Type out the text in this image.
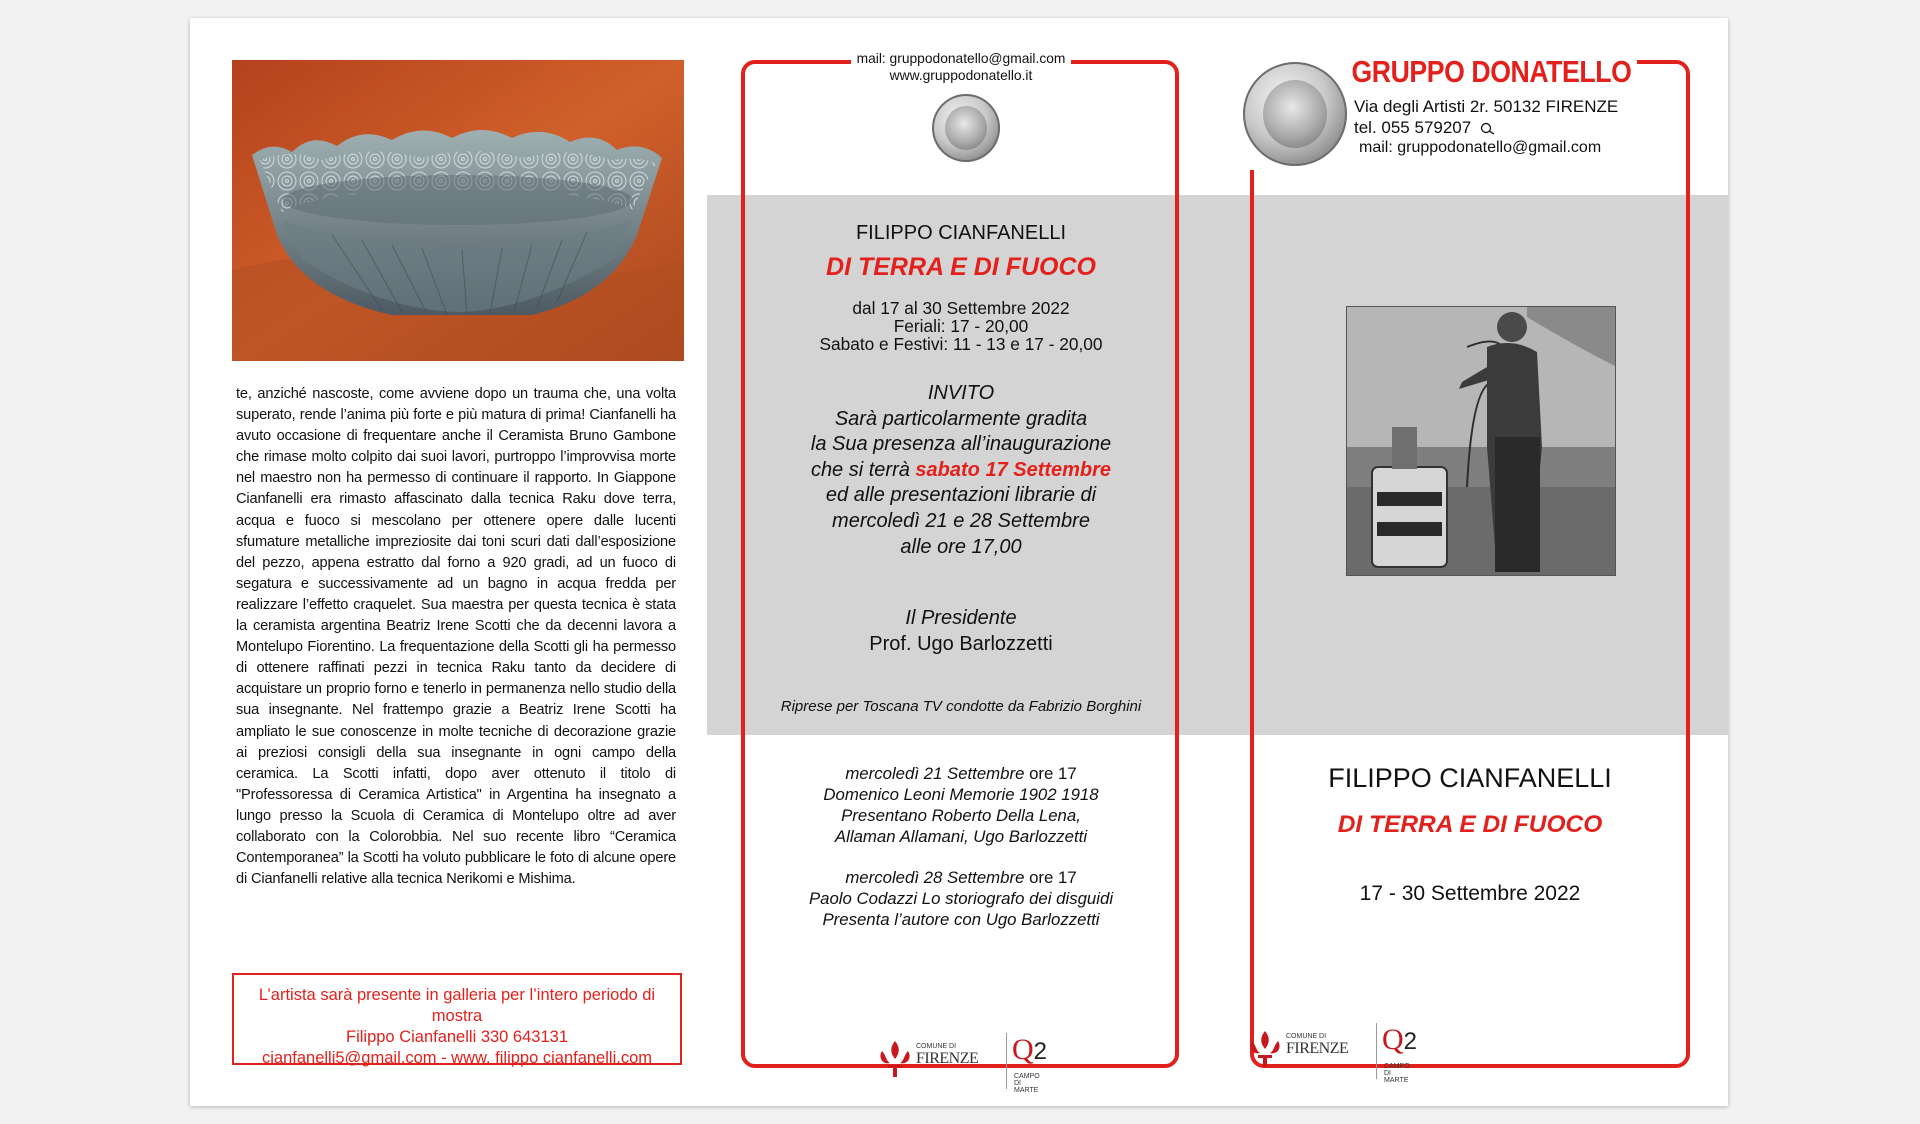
te, anziché nascoste, come avviene dopo un trauma che, una volta superato, rende l’anima più forte e più matura di prima! Cianfanelli ha avuto occasione di frequentare anche il Ceramista Bruno Gambone che rimase molto colpito dai suoi lavori, purtroppo l’improvvisa morte nel maestro non ha permesso di continuare il rapporto. In Giappone Cianfanelli era rimasto affascinato dalla tecnica Raku dove terra, acqua e fuoco si mescolano per ottenere opere dalle lucenti sfumature metalliche impreziosite dai toni scuri dati dall’esposizione del pezzo, appena estratto dal forno a 920 gradi, ad un fuoco di segatura e successivamente ad un bagno in acqua fredda per realizzare l’effetto craquelet. Sua maestra per questa tecnica è stata la ceramista argentina Beatriz Irene Scotti che da decenni lavora a Montelupo Fiorentino. La frequentazione della Scotti gli ha permesso di ottenere raffinati pezzi in tecnica Raku tanto da decidere di acquistare un proprio forno e tenerlo in permanenza nello studio della sua insegnante. Nel frattempo grazie a Beatriz Irene Scotti ha ampliato le sue conoscenze in molte tecniche di decorazione grazie ai preziosi consigli della sua insegnante in ogni campo della ceramica. La Scotti infatti, dopo aver ottenuto il titolo di "Professoressa di Ceramica Artistica" in Argentina ha insegnato a lungo presso la Scuola di Ceramica di Montelupo oltre ad aver collaborato con la Colorobbia. Nel suo recente libro “Ceramica Contemporanea” la Scotti ha voluto pubblicare le foto di alcune opere di Cianfanelli relative alla tecnica Nerikomi e Mishima.
L’artista sarà presente in galleria per l’intero periodo di mostra
Filippo Cianfanelli 330 643131
cianfanelli5@gmail.com - www. filippo cianfanelli.com
mail: gruppodonatello@gmail.com
www.gruppodonatello.it
FILIPPO CIANFANELLI
DI TERRA E DI FUOCO
dal 17 al 30 Settembre 2022
Feriali: 17 - 20,00
Sabato e Festivi: 11 - 13 e 17 - 20,00
INVITO
Sarà particolarmente gradita
la Sua presenza all’inaugurazione
che si terrà sabato 17 Settembre
ed alle presentazioni librarie di
mercoledì 21 e 28 Settembre
alle ore 17,00
Il Presidente
Prof. Ugo Barlozzetti
Riprese per Toscana TV condotte da Fabrizio Borghini
mercoledì 21 Settembre ore 17
Domenico Leoni Memorie 1902 1918
Presentano Roberto Della Lena,
Allaman Allamani, Ugo Barlozzetti
mercoledì 28 Settembre ore 17
Paolo Codazzi Lo storiografo dei disguidi
Presenta l’autore con Ugo Barlozzetti
COMUNE DI
FIRENZE Q2
CAMPO DI MARTE
GRUPPO DONATELLO
Via degli Artisti 2r. 50132 FIRENZE
tel. 055 579207
mail: gruppodonatello@gmail.com
FILIPPO CIANFANELLI
DI TERRA E DI FUOCO
17 - 30 Settembre 2022
COMUNE DI
FIRENZE Q2
CAMPO DI MARTE
